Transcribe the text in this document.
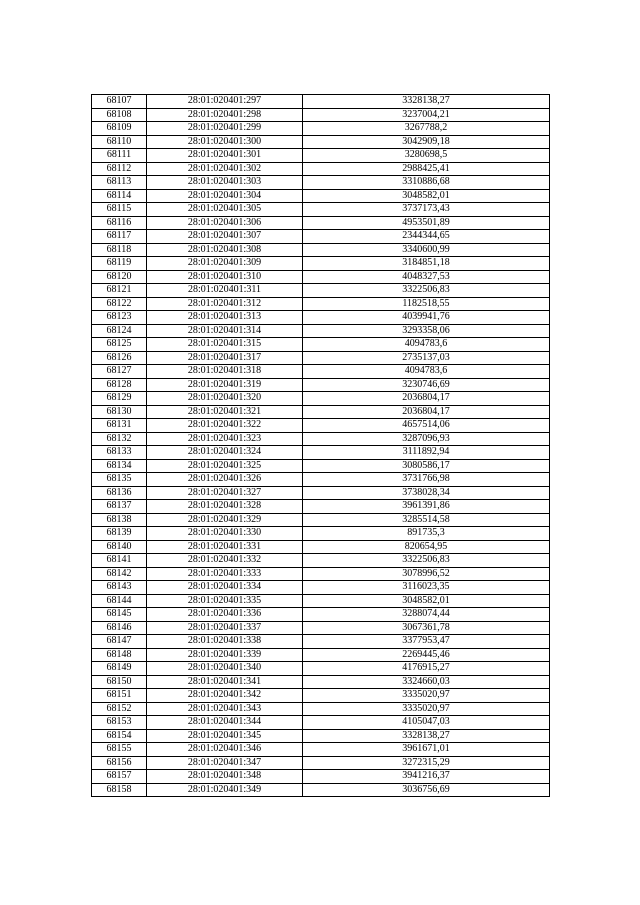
68107	28:01:020401:297	3328138,27
68108	28:01:020401:298	3237004,21
68109	28:01:020401:299	3267788,2
68110	28:01:020401:300	3042909,18
68111	28:01:020401:301	3280698,5
68112	28:01:020401:302	2988425,41
68113	28:01:020401:303	3310886,68
68114	28:01:020401:304	3048582,01
68115	28:01:020401:305	3737173,43
68116	28:01:020401:306	4953501,89
68117	28:01:020401:307	2344344,65
68118	28:01:020401:308	3340600,99
68119	28:01:020401:309	3184851,18
68120	28:01:020401:310	4048327,53
68121	28:01:020401:311	3322506,83
68122	28:01:020401:312	1182518,55
68123	28:01:020401:313	4039941,76
68124	28:01:020401:314	3293358,06
68125	28:01:020401:315	4094783,6
68126	28:01:020401:317	2735137,03
68127	28:01:020401:318	4094783,6
68128	28:01:020401:319	3230746,69
68129	28:01:020401:320	2036804,17
68130	28:01:020401:321	2036804,17
68131	28:01:020401:322	4657514,06
68132	28:01:020401:323	3287096,93
68133	28:01:020401:324	3111892,94
68134	28:01:020401:325	3080586,17
68135	28:01:020401:326	3731766,98
68136	28:01:020401:327	3738028,34
68137	28:01:020401:328	3961391,86
68138	28:01:020401:329	3285514,58
68139	28:01:020401:330	891735,3
68140	28:01:020401:331	820654,95
68141	28:01:020401:332	3322506,83
68142	28:01:020401:333	3078996,52
68143	28:01:020401:334	3116023,35
68144	28:01:020401:335	3048582,01
68145	28:01:020401:336	3288074,44
68146	28:01:020401:337	3067361,78
68147	28:01:020401:338	3377953,47
68148	28:01:020401:339	2269445,46
68149	28:01:020401:340	4176915,27
68150	28:01:020401:341	3324660,03
68151	28:01:020401:342	3335020,97
68152	28:01:020401:343	3335020,97
68153	28:01:020401:344	4105047,03
68154	28:01:020401:345	3328138,27
68155	28:01:020401:346	3961671,01
68156	28:01:020401:347	3272315,29
68157	28:01:020401:348	3941216,37
68158	28:01:020401:349	3036756,69
